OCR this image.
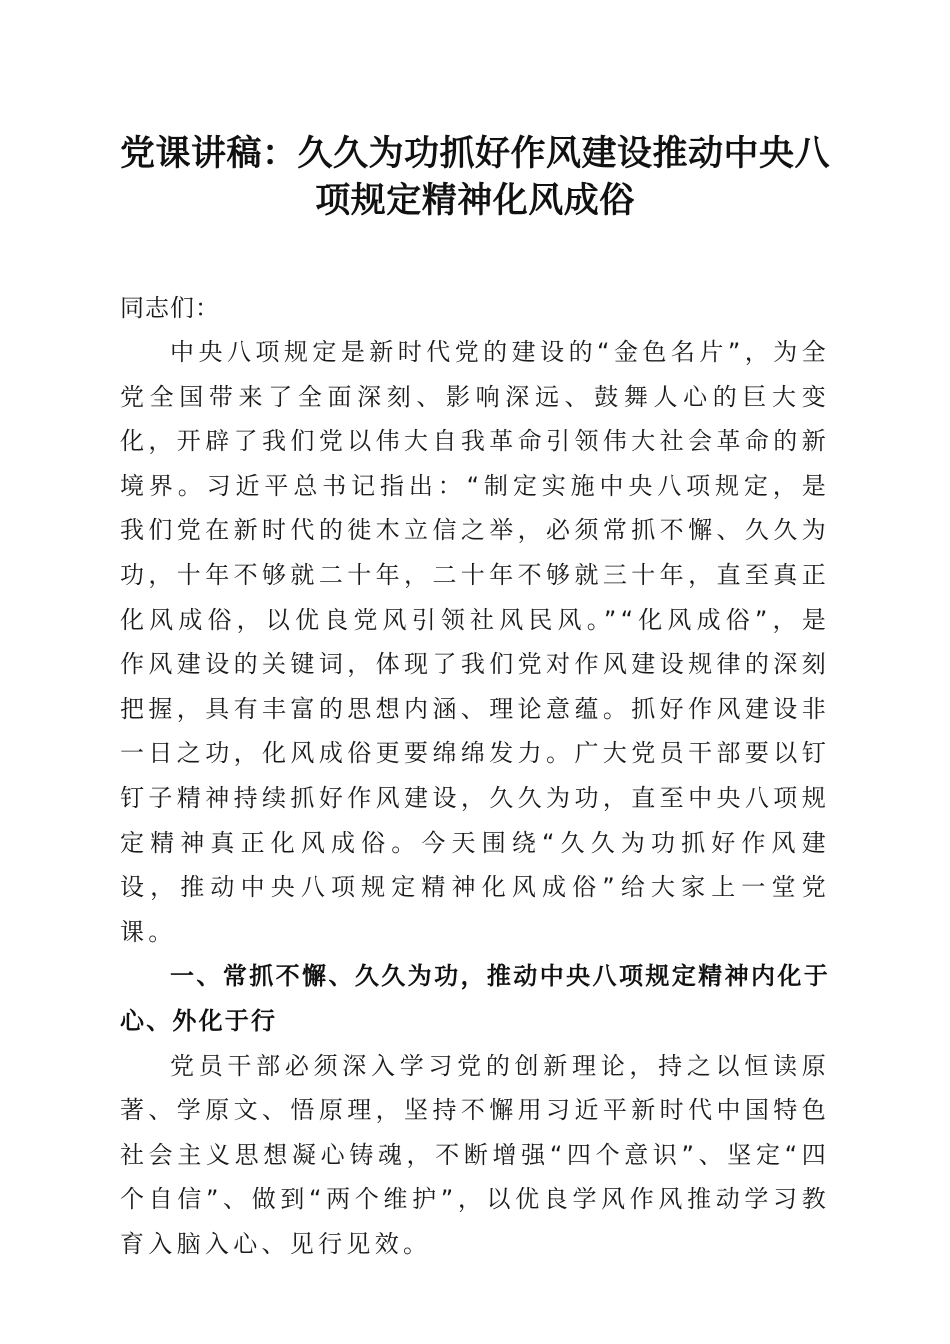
党课讲稿：久久为功抓好作风建设推动中央八项规定精神化风成俗

同志们：

中央八项规定是新时代党的建设的“金色名片”，为全党全国带来了全面深刻、影响深远、鼓舞人心的巨大变化，开辟了我们党以伟大自我革命引领伟大社会革命的新境界。习近平总书记指出：“制定实施中央八项规定，是我们党在新时代的徙木立信之举，必须常抓不懈、久久为功，十年不够就二十年，二十年不够就三十年，直至真正化风成俗，以优良党风引领社风民风。”“化风成俗”，是作风建设的关键词，体现了我们党对作风建设规律的深刻把握，具有丰富的思想内涵、理论意蕴。抓好作风建设非一日之功，化风成俗更要绵绵发力。广大党员干部要以钉钉子精神持续抓好作风建设，久久为功，直至中央八项规定精神真正化风成俗。今天围绕“久久为功抓好作风建设，推动中央八项规定精神化风成俗”给大家上一堂党课。

一、常抓不懈、久久为功，推动中央八项规定精神内化于心、外化于行

党员干部必须深入学习党的创新理论，持之以恒读原著、学原文、悟原理，坚持不懈用习近平新时代中国特色社会主义思想凝心铸魂，不断增强“四个意识”、坚定“四个自信”、做到“两个维护”，以优良学风作风推动学习教育入脑入心、见行见效。
